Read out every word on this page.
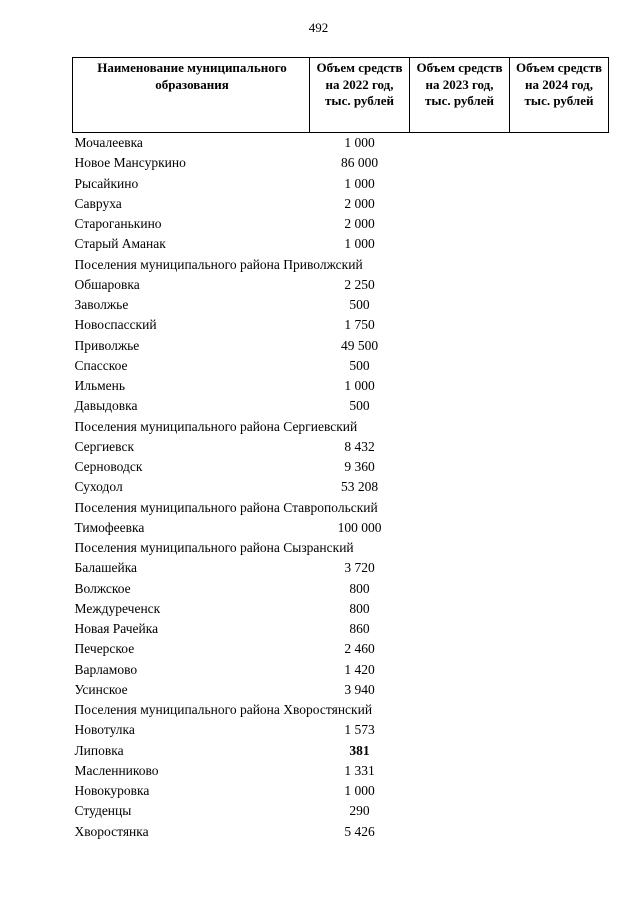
492
Наименование муниципального образования	Объем средств на 2022 год, тыс. рублей	Объем средств на 2023 год, тыс. рублей	Объем средств на 2024 год, тыс. рублей
Мочалеевка	1 000		
Новое Мансуркино	86 000		
Рысайкино	1 000		
Савруха	2 000		
Староганькино	2 000		
Старый Аманак	1 000		
Поселения муниципального района Приволжский			
Обшаровка	2 250		
Заволжье	500		
Новоспасский	1 750		
Приволжье	49 500		
Спасское	500		
Ильмень	1 000		
Давыдовка	500		
Поселения муниципального района Сергиевский			
Сергиевск	8 432		
Серноводск	9 360		
Суходол	53 208		
Поселения муниципального района Ставропольский			
Тимофеевка	100 000		
Поселения муниципального района Сызранский			
Балашейка	3 720		
Волжское	800		
Междуреченск	800		
Новая Рачейка	860		
Печерское	2 460		
Варламово	1 420		
Усинское	3 940		
Поселения муниципального района Хворостянский			
Новотулка	1 573		
Липовка	381		
Масленниково	1 331		
Новокуровка	1 000		
Студенцы	290		
Хворостянка	5 426		
